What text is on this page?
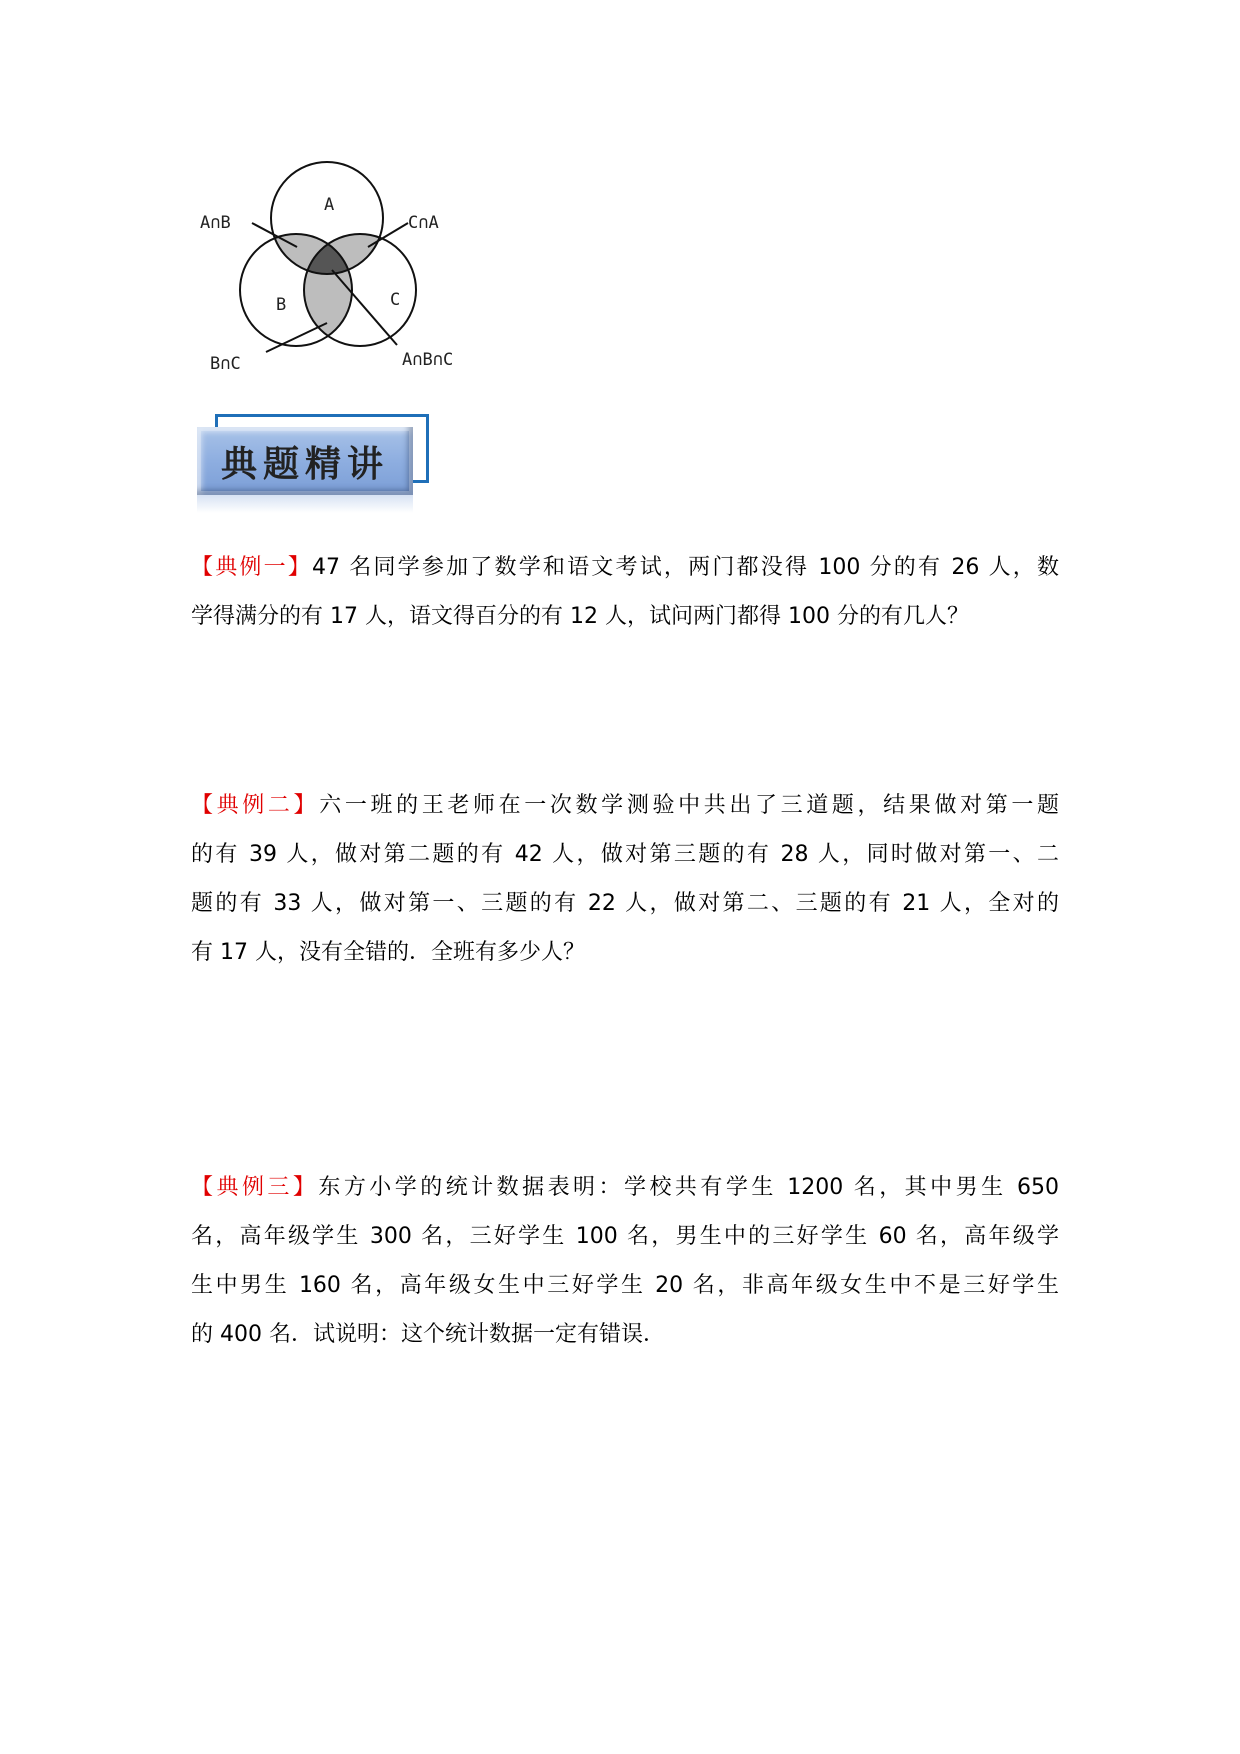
A
B	C
A∩B	C∩A
B∩C	A∩B∩C
典题精讲
【典例一】47 名同学参加了数学和语文考试，两门都没得 100 分的有 26 人，数
学得满分的有 17 人，语文得百分的有 12 人，试问两门都得 100 分的有几人？
【典例二】六一班的王老师在一次数学测验中共出了三道题，结果做对第一题
的有 39 人，做对第二题的有 42 人，做对第三题的有 28 人，同时做对第一、二
题的有 33 人，做对第一、三题的有 22 人，做对第二、三题的有 21 人，全对的
有 17 人，没有全错的．全班有多少人？
【典例三】东方小学的统计数据表明：学校共有学生 1200 名，其中男生 650
名，高年级学生 300 名，三好学生 100 名，男生中的三好学生 60 名，高年级学
生中男生 160 名，高年级女生中三好学生 20 名，非高年级女生中不是三好学生
的 400 名．试说明：这个统计数据一定有错误．
